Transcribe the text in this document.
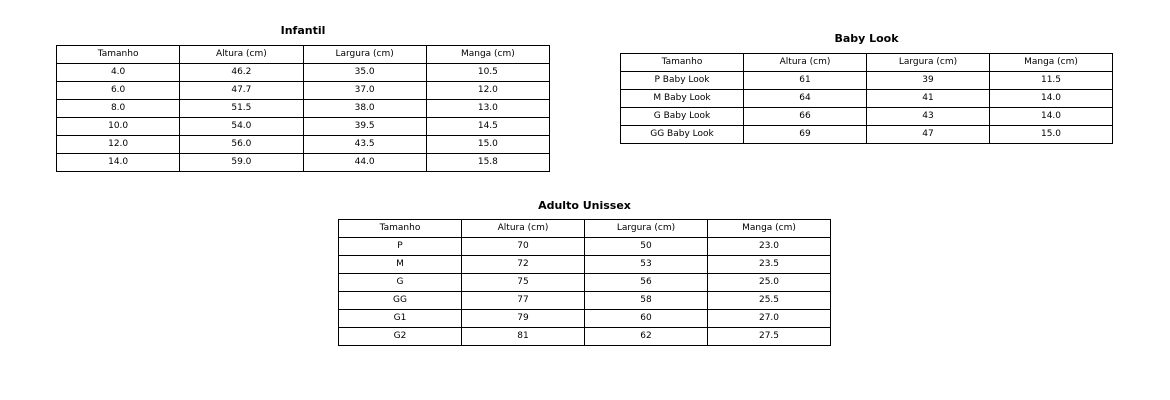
Infantil
Tamanho	Altura (cm)	Largura (cm)	Manga (cm)
4.0	46.2	35.0	10.5
6.0	47.7	37.0	12.0
8.0	51.5	38.0	13.0
10.0	54.0	39.5	14.5
12.0	56.0	43.5	15.0
14.0	59.0	44.0	15.8
Baby Look
Tamanho	Altura (cm)	Largura (cm)	Manga (cm)
P Baby Look	61	39	11.5
M Baby Look	64	41	14.0
G Baby Look	66	43	14.0
GG Baby Look	69	47	15.0
Adulto Unissex
Tamanho	Altura (cm)	Largura (cm)	Manga (cm)
P	70	50	23.0
M	72	53	23.5
G	75	56	25.0
GG	77	58	25.5
G1	79	60	27.0
G2	81	62	27.5
